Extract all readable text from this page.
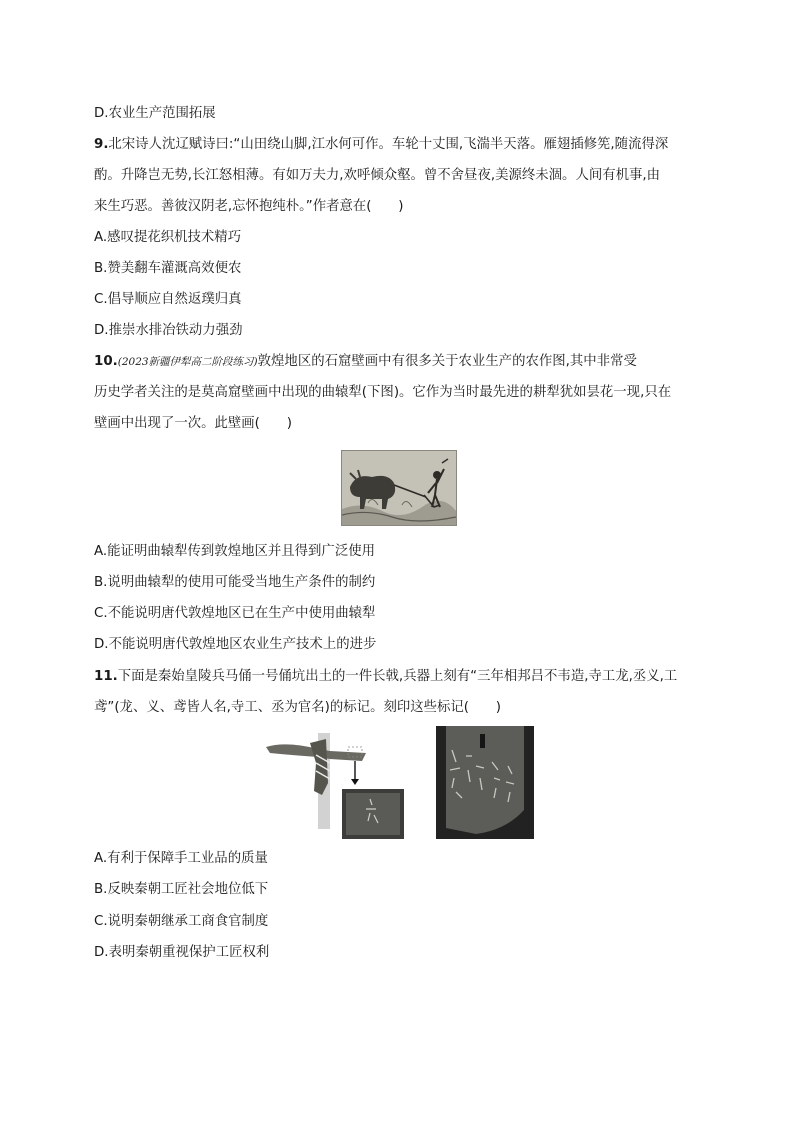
D.农业生产范围拓展
9.北宋诗人沈辽赋诗曰:“山田绕山脚,江水何可作。车轮十丈围,飞湍半天落。雁翅插修筅,随流得深
酌。升降岂无势,长江怒相薄。有如万夫力,欢呼倾众壑。曾不舍昼夜,美源终未涸。人间有机事,由
来生巧恶。善彼汉阴老,忘怀抱纯朴。”作者意在(　　)
A.感叹提花织机技术精巧
B.赞美翻车灌溉高效便农
C.倡导顺应自然返璞归真
D.推崇水排冶铁动力强劲
10.(2023新疆伊犁高二阶段练习)敦煌地区的石窟壁画中有很多关于农业生产的农作图,其中非常受
历史学者关注的是莫高窟壁画中出现的曲辕犁(下图)。它作为当时最先进的耕犁犹如昙花一现,只在
壁画中出现了一次。此壁画(　　)
A.能证明曲辕犁传到敦煌地区并且得到广泛使用
B.说明曲辕犁的使用可能受当地生产条件的制约
C.不能说明唐代敦煌地区已在生产中使用曲辕犁
D.不能说明唐代敦煌地区农业生产技术上的进步
11.下面是秦始皇陵兵马俑一号俑坑出土的一件长戟,兵器上刻有“三年相邦吕不韦造,寺工龙,丞义,工
鸢”(龙、义、鸢皆人名,寺工、丞为官名)的标记。刻印这些标记(　　)
A.有利于保障手工业品的质量
B.反映秦朝工匠社会地位低下
C.说明秦朝继承工商食官制度
D.表明秦朝重视保护工匠权利
